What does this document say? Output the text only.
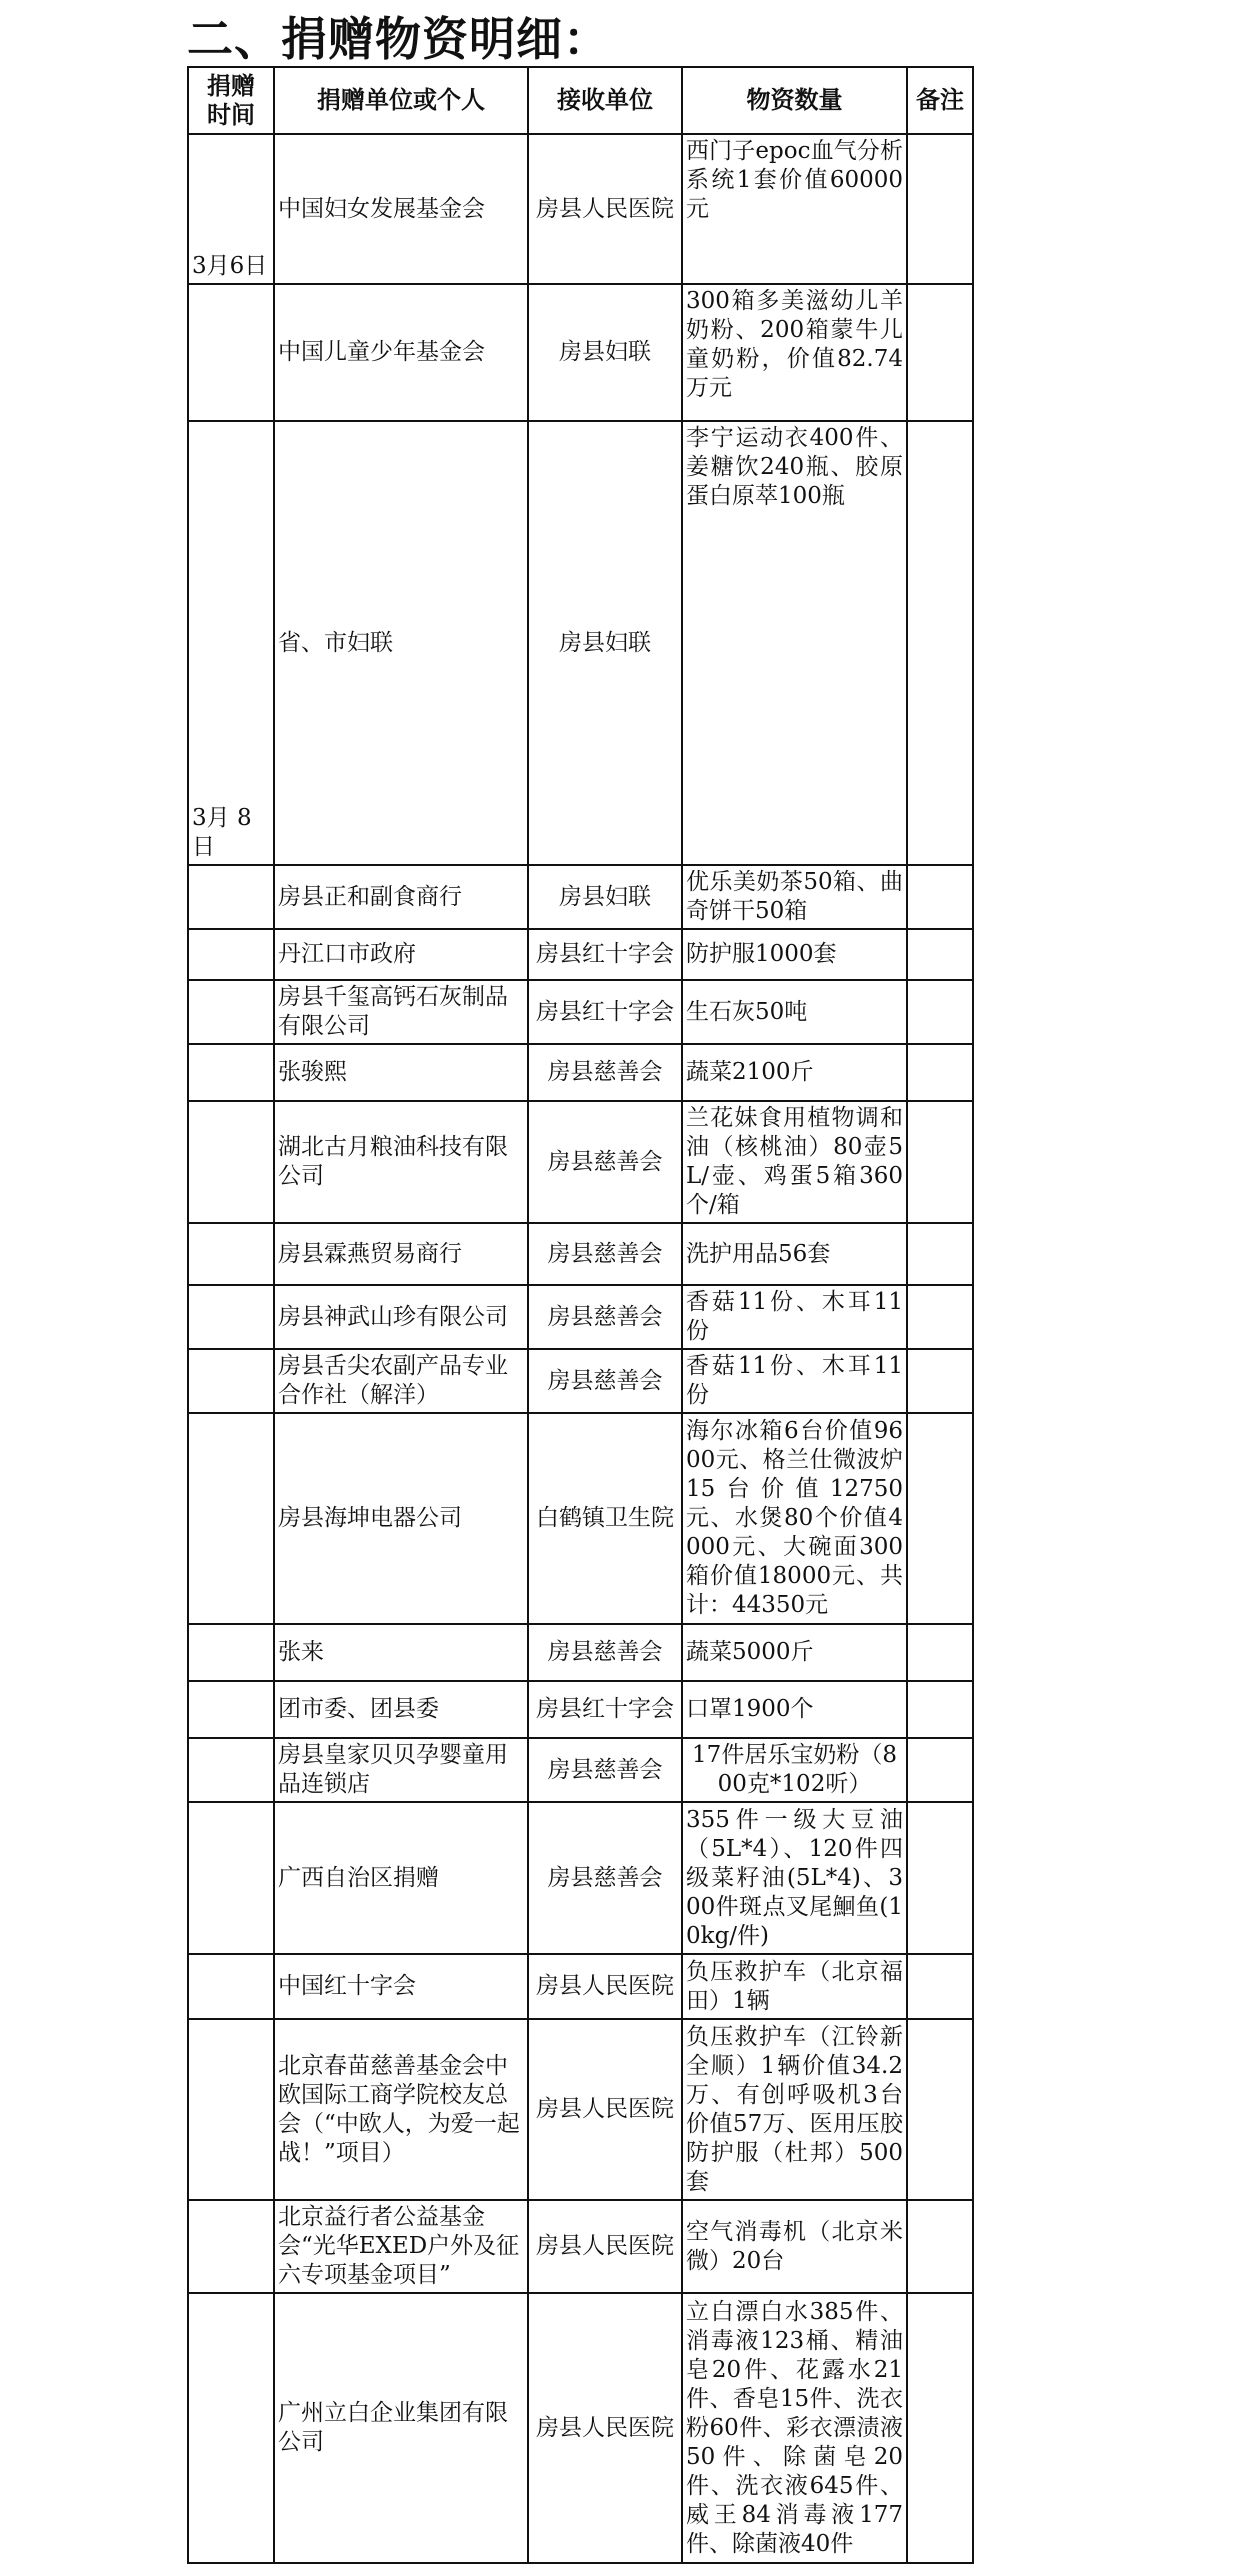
二、捐赠物资明细：
捐赠
时间	捐赠单位或个人	接收单位	物资数量	备注
3月6日	中国妇女发展基金会	房县人民医院	西门子epoc血气分析系统1套价值60000元	
	中国儿童少年基金会	房县妇联	300箱多美滋幼儿羊奶粉、200箱蒙牛儿童奶粉，价值82.74万元	
3月 8日	省、市妇联	房县妇联	李宁运动衣400件、姜糖饮240瓶、胶原蛋白原萃100瓶	
	房县正和副食商行	房县妇联	优乐美奶茶50箱、曲奇饼干50箱	
	丹江口市政府	房县红十字会	防护服1000套	
	房县千玺高钙石灰制品有限公司	房县红十字会	生石灰50吨	
	张骏熙	房县慈善会	蔬菜2100斤	
	湖北古月粮油科技有限公司	房县慈善会	兰花妹食用植物调和油（核桃油）80壶5L/壶、鸡蛋5箱360个/箱	
	房县霖燕贸易商行	房县慈善会	洗护用品56套	
	房县神武山珍有限公司	房县慈善会	香菇11份、木耳11份	
	房县舌尖农副产品专业合作社（解洋）	房县慈善会	香菇11份、木耳11份	
	房县海坤电器公司	白鹤镇卫生院	海尔冰箱6台价值9600元、格兰仕微波炉15台价值12750元、水煲80个价值4000元、大碗面300箱价值18000元、共计：44350元	
	张来	房县慈善会	蔬菜5000斤	
	团市委、团县委	房县红十字会	口罩1900个	
	房县皇家贝贝孕婴童用品连锁店	房县慈善会	17件居乐宝奶粉（800克*102听）	
	广西自治区捐赠	房县慈善会	355件一级大豆油（5L*4）、120件四级菜籽油(5L*4)、300件斑点叉尾鮰鱼(10kg/件)	
	中国红十字会	房县人民医院	负压救护车（北京福田）1辆	
	北京春苗慈善基金会中欧国际工商学院校友总会（“中欧人，为爱一起战！”项目）	房县人民医院	负压救护车（江铃新全顺）1辆价值34.2万、有创呼吸机3台价值57万、医用压胶防护服（杜邦）500套	
	北京益行者公益基金会“光华EXED户外及征六专项基金项目”	房县人民医院	空气消毒机（北京米微）20台	
	广州立白企业集团有限公司	房县人民医院	立白漂白水385件、消毒液123桶、精油皂20件、花露水21件、香皂15件、洗衣粉60件、彩衣漂渍液50件、除菌皂20件、洗衣液645件、威王84消毒液177件、除菌液40件	
